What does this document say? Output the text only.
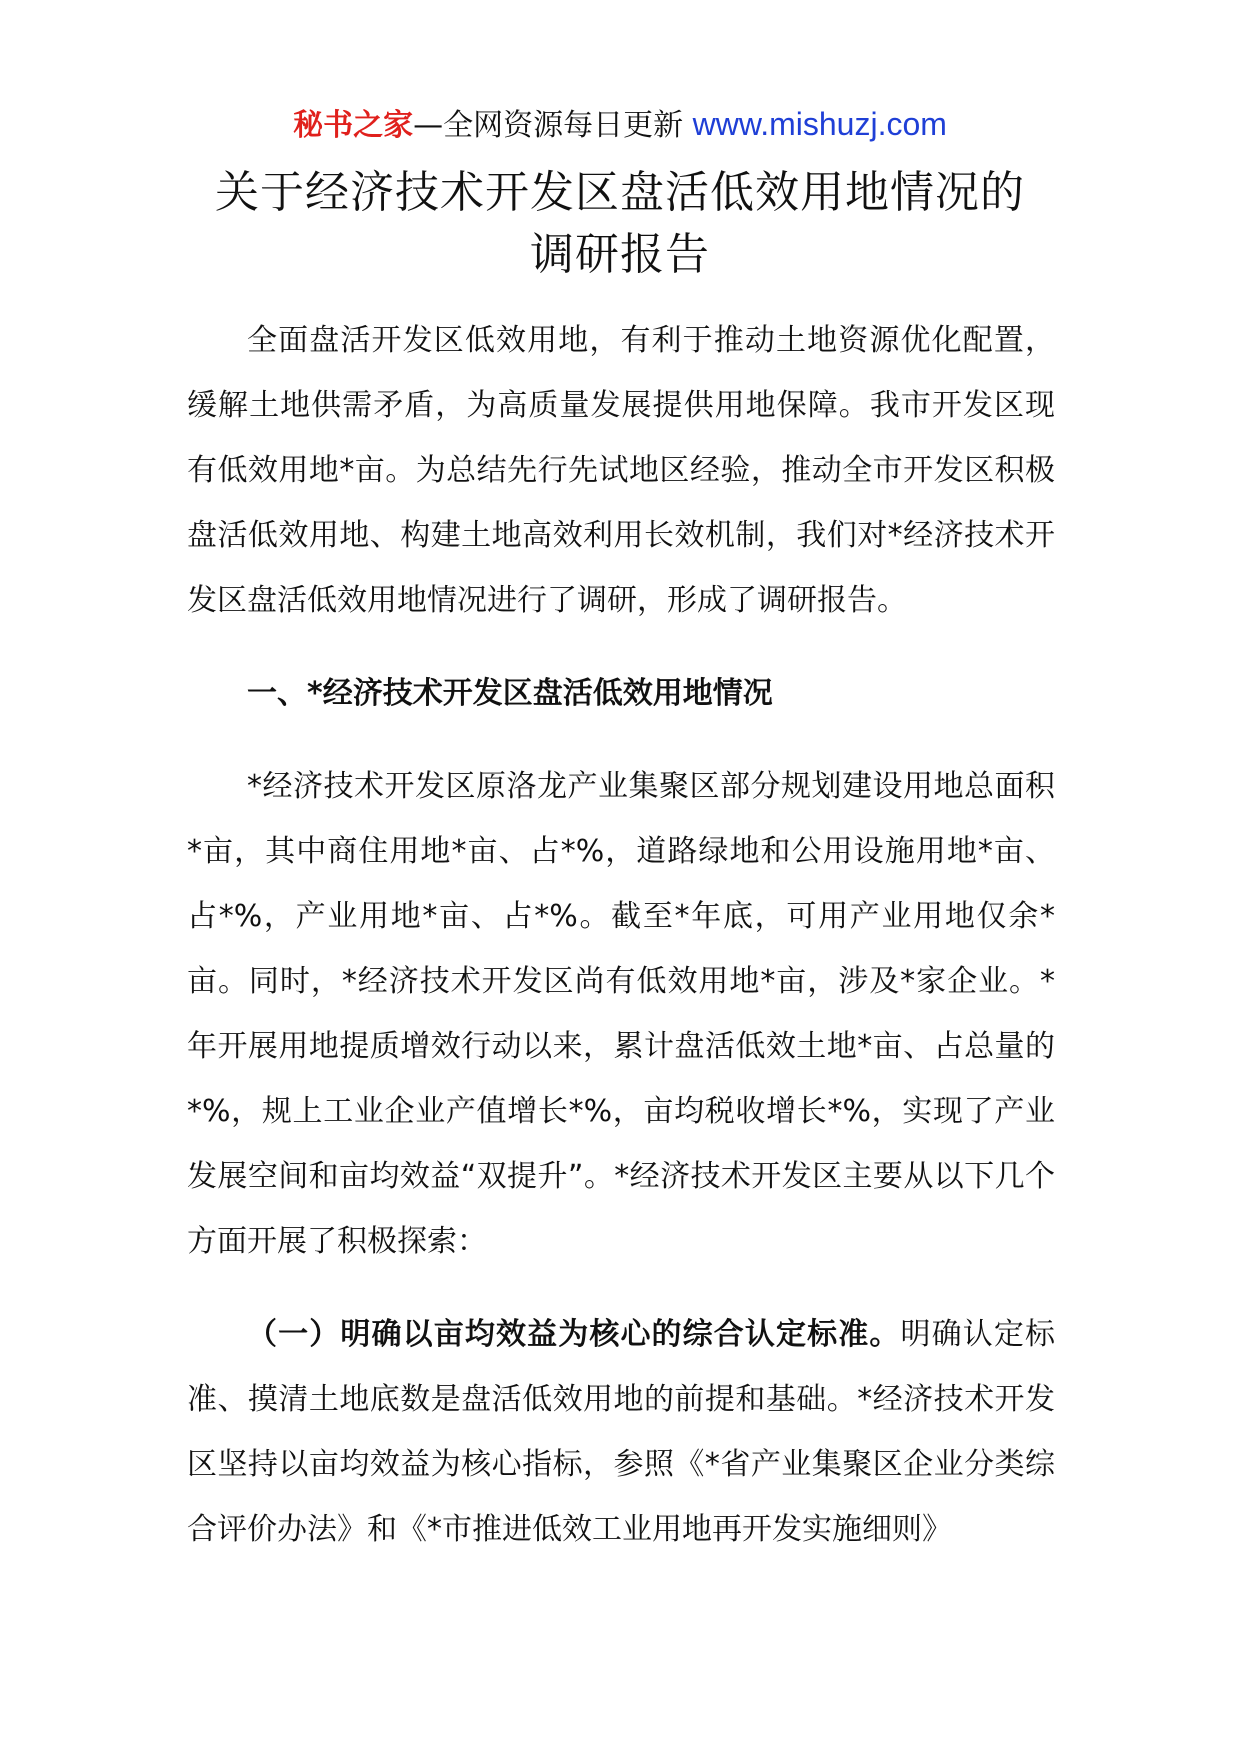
秘书之家—全网资源每日更新 www.mishuzj.com
关于经济技术开发区盘活低效用地情况的
调研报告

全面盘活开发区低效用地，有利于推动土地资源优化配置，缓解土地供需矛盾，为高质量发展提供用地保障。我市开发区现有低效用地*亩。为总结先行先试地区经验，推动全市开发区积极盘活低效用地、构建土地高效利用长效机制，我们对*经济技术开发区盘活低效用地情况进行了调研，形成了调研报告。

一、*经济技术开发区盘活低效用地情况

*经济技术开发区原洛龙产业集聚区部分规划建设用地总面积*亩，其中商住用地*亩、占*%，道路绿地和公用设施用地*亩、占*%，产业用地*亩、占*%。截至*年底，可用产业用地仅余*亩。同时，*经济技术开发区尚有低效用地*亩，涉及*家企业。*年开展用地提质增效行动以来，累计盘活低效土地*亩、占总量的*%，规上工业企业产值增长*%，亩均税收增长*%，实现了产业发展空间和亩均效益“双提升”。*经济技术开发区主要从以下几个方面开展了积极探索：

（一）明确以亩均效益为核心的综合认定标准。明确认定标准、摸清土地底数是盘活低效用地的前提和基础。*经济技术开发区坚持以亩均效益为核心指标，参照《*省产业集聚区企业分类综合评价办法》和《*市推进低效工业用地再开发实施细则》
